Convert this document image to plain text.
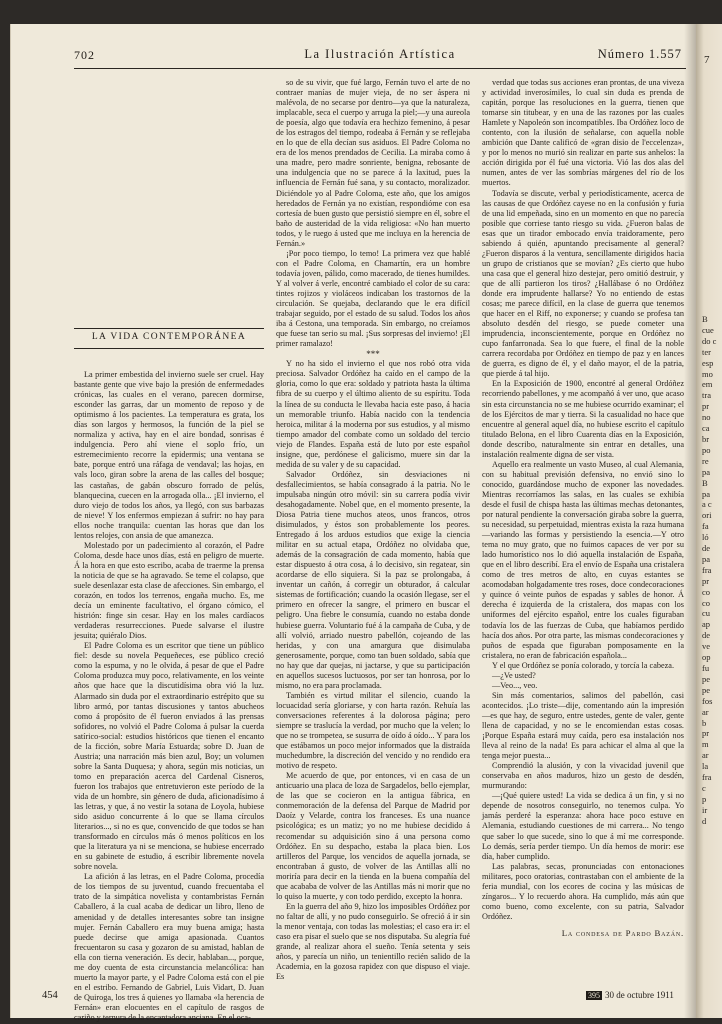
702	La Ilustración Artística	Número 1.557
LA VIDA CONTEMPORÁNEA

La primer embestida del invierno suele ser cruel. Hay bastante gente que vive bajo la presión de enfermedades crónicas, las cuales en el verano, parecen dormirse, esconder las garras, dar un momento de reposo y de optimismo á los pacientes. La temperatura es grata, los días son largos y hermosos, la función de la piel se normaliza y activa, hay en el aire bondad, sonrisas é indulgencia. Pero ahí viene el soplo frío, un estremecimiento recorre la epidermis; una ventana se bate, porque entró una ráfaga de vendaval; las hojas, en vals loco, giran sobre la arena de las calles del bosque; las castañas, de gabán obscuro forrado de pelús, blanquecina, cuecen en la arrogada olla... ¡El invierno, el duro viejo de todos los años, ya llegó, con sus barbazas de nieve! Y los enfermos empiezan á sufrir: no hay para ellos noche tranquila: cuentan las horas que dan los lentos relojes, con ansia de que amanezca.

Molestado por un padecimiento al corazón, el Padre Coloma, desde hace unos días, está en peligro de muerte. Á la hora en que esto escribo, acaba de traerme la prensa la noticia de que se ha agravado. Se teme el colapso, que suele desenlazar esta clase de afecciones. Sin embargo, el corazón, en todos los terrenos, engaña mucho. Es, me decía un eminente facultativo, el órgano cómico, el histrión: finge sin cesar. Hay en los males cardíacos verdaderas resurrecciones. Puede salvarse el ilustre jesuita; quiéralo Dios.

El Padre Coloma es un escritor que tiene un público fiel: desde su novela Pequeñeces, ese público creció como la espuma, y no le olvida, á pesar de que el Padre Coloma produzca muy poco, relativamente, en los veinte años que hace que la discutidísima obra vió la luz. Alarmado sin duda por el extraordinario estrépito que su libro armó, por tantas discusiones y tantos abucheos como á propósito de él fueron enviados á las prensas sofidores, no volvió el Padre Coloma á pulsar la cuerda satírico-social: estudios históricos que tienen el encanto de la ficción, sobre María Estuarda; sobre D. Juan de Austria; una narración más bien azul, Boy; un volumen sobre la Santa Duquesa; y ahora, según mis noticias, un tomo en preparación acerca del Cardenal Cisneros, fueron los trabajos que entretuvieron este período de la vida de un hombre, sin género de duda, aficionadísimo á las letras, y que, á no vestir la sotana de Loyola, hubiese sido asiduo concurrente á lo que se llama círculos literarios..., si no es que, convencido de que todos se han transformado en círculos más ó menos políticos en los que la literatura ya ni se menciona, se hubiese encerrado en su gabinete de estudio, á escribir libremente novela sobre novela.

La afición á las letras, en el Padre Coloma, procedía de los tiempos de su juventud, cuando frecuentaba el trato de la simpática novelista y contambristas Fernán Caballero, á la cual acaba de dedicar un libro, lleno de amenidad y de detalles interesantes sobre tan insigne mujer. Fernán Caballero era muy buena amiga; hasta puede decirse que amiga apasionada. Cuantos frecuentaron su casa y gozaron de su amistad, hablan de ella con tierna veneración. Es decir, hablaban..., porque, me doy cuenta de esta circunstancia melancólica: han muerto la mayor parte, y el Padre Coloma está con el pie en el estribo. Fernando de Gabriel, Luis Vidart, D. Juan de Quiroga, los tres á quienes yo llamaba «la herencia de Fernán» eran elocuentes en el capítulo de rasgos de cariño y ternura de la encantadora anciana. En el oca-

so de su vivir, que fué largo, Fernán tuvo el arte de no contraer manías de mujer vieja, de no ser áspera ni malévola, de no secarse por dentro—ya que la naturaleza, implacable, seca el cuerpo y arruga la piel;—y una aureola de poesía, algo que todavía era hechizo femenino, á pesar de los estragos del tiempo, rodeaba á Fernán y se reflejaba en lo que de ella decían sus asiduos. El Padre Coloma no era de los menos prendados de Cecilia. La miraba como á una madre, pero madre sonriente, benigna, rebosante de una indulgencia que no se parece á la laxitud, pues la influencia de Fernán fué sana, y su contacto, moralizador. Diciéndole yo al Padre Coloma, este año, que los amigos heredados de Fernán ya no existían, respondióme con esa cortesía de buen gusto que persistió siempre en él, sobre el baño de austeridad de la vida religiosa: «No han muerto todos, y le ruego á usted que me incluya en la herencia de Fernán.»

¡Por poco tiempo, lo temo! La primera vez que hablé con el Padre Coloma, en Chamartín, era un hombre todavía joven, pálido, como macerado, de tienes humildes. Y al volver á verle, encontré cambiado el color de su cara: tintes rojizos y violáceos indicaban los trastornos de la circulación. Se quejaba, declarando que le era difícil trabajar seguido, por el estado de su salud. Todos los años iba á Cestona, una temporada. Sin embargo, no creíamos que fuese tan serio su mal. ¡Sus sorpresas del invierno! ¡El primer ramalazo!

***

Y no ha sido el invierno el que nos robó otra vida preciosa. Salvador Ordóñez ha caído en el campo de la gloria, como lo que era: soldado y patriota hasta la última fibra de su cuerpo y el último aliento de su espíritu. Toda la línea de su conducta le llevaba hacia este paso, á hacia un memorable triunfo. Había nacido con la tendencia heroica, militar á la moderna por sus estudios, y al mismo tiempo amador del combate como un soldado del tercio viejo de Flandes. España está de luto por este español insigne, que, perdónese el galicismo, muere sin dar la medida de su valer y de su capacidad.

Salvador Ordóñez, sin desviaciones ni desfallecimientos, se había consagrado á la patria. No le impulsaba ningún otro móvil: sin su carrera podía vivir desahogadamente. Nobel que, en el momento presente, la Diosa Patria tiene muchos ateos, unos francos, otros disimulados, y éstos son probablemente los peores. Entregado á los arduos estudios que exige la ciencia militar en su actual etapa, Ordóñez no olvidaba que, además de la consagración de cada momento, había que estar dispuesto á otra cosa, á lo decisivo, sin regatear, sin acordarse de ello siquiera. Si la paz se prolongaba, á inventar un cañón, á corregir un obturador, á calcular sistemas de fortificación; cuando la ocasión llegase, ser el primero en ofrecer la sangre, el primero en buscar el peligro. Una fiebre le consumía, cuando no estaba donde hubiese guerra. Voluntario fué á la campaña de Cuba, y de allí volvió, arriado nuestro pabellón, cojeando de las heridas, y con una amargura que disimulaba generosamente, porque, como tan buen soldado, sabía que no hay que dar quejas, ni jactarse, y que su participación en aquellos sucesos luctuosos, por ser tan honrosa, por lo mismo, no era para proclamada.

También es virtud militar el silencio, cuando la locuacidad sería gloriarse, y con harta razón. Rehuía las conversaciones referentes á la dolorosa página; pero siempre se traslucía la verdad, por mucho que la velen; lo que no se trompetea, se susurra de oído á oído... Y para los que estábamos un poco mejor informados que la distraída muchedumbre, la discreción del vencido y no rendido era motivo de respeto.

Me acuerdo de que, por entonces, vi en casa de un anticuario una placa de loza de Sargadelos, bello ejemplar, de las que se cocieron en la antigua fábrica, en conmemoración de la defensa del Parque de Madrid por Daoíz y Velarde, contra los franceses. Es una nuance psicológica; es un matiz; yo no me hubiese decidido á recomendar su adquisición sino á una persona como Ordóñez. En su despacho, estaba la placa bien. Los artilleros del Parque, los vencidos de aquella jornada, se encontraban á gusto, de volver de las Antillas allí no moriría para decir en la tienda en la buena compañía del que acababa de volver de las Antillas más ni morir que no lo quiso la muerte, y con todo perdido, excepto la honra.

En la guerra del año 9, hizo los imposibles Ordóñez por no faltar de allí, y no pudo conseguirlo. Se ofreció á ir sin la menor ventaja, con todas las molestias; el caso era ir: el caso era pisar el suelo que se nos disputaba. Su alegría fué grande, al realizar ahora el sueño. Tenía setenta y seis años, y parecía un niño, un tenientillo recién salido de la Academia, en la gozosa rapidez con que dispuso el viaje. Es

verdad que todas sus acciones eran prontas, de una viveza y actividad inverosímiles, lo cual sin duda es prenda de capitán, porque las resoluciones en la guerra, tienen que tomarse sin titubear, y en una de las razones por las cuales Hamlete y Napoleón son incompatibles. Iba Ordóñez loco de contento, con la ilusión de señalarse, con aquella noble ambición que Dante calificó de «gran disio de l'eccelenza», y por lo menos no murió sin realizar en parte sus anhelos: la acción dirigida por él fué una victoria. Vió las dos alas del numen, antes de ver las sombrías márgenes del río de los muertos.

Todavía se discute, verbal y periodísticamente, acerca de las causas de que Ordóñez cayese no en la confusión y furia de una lid empeñada, sino en un momento en que no parecía posible que corriese tanto riesgo su vida. ¿Fueron balas de esas que un tirador embocado envía traidoramente, pero sabiendo á quién, apuntando precisamente al general? ¿Fueron disparos á la ventura, sencillamente dirigidos hacia un grupo de cristianos que se movían? ¿Es cierto que hubo una casa que el general hizo destejar, pero omitió destruir, y que de allí partieron los tiros? ¿Hallábase ó no Ordóñez donde era imprudente hallarse? Yo no entiendo de estas cosas; me parece difícil, en la clase de guerra que tenemos que hacer en el Riff, no exponerse; y cuando se profesa tan absoluto desdén del riesgo, se puede cometer una imprudencia, inconscientemente, porque en Ordóñez no cupo fanfarronada. Sea lo que fuere, el final de la noble carrera recordaba por Ordóñez en tiempo de paz y en lances de guerra, es digno de él, y el daño mayor, el de la patria, que pierde á tal hijo.

En la Exposición de 1900, encontré al general Ordóñez recorriendo pabellones, y me acompañó á ver uno, que acaso sin esta circunstancia no se me hubiese ocurrido examinar; el de los Ejércitos de mar y tierra. Si la casualidad no hace que encuentre al general aquel día, no hubiese escrito el capítulo titulado Belona, en el libro Cuarenta días en la Exposición, donde describo, naturalmente sin entrar en detalles, una instalación realmente digna de ser vista.

Aquello era realmente un vasto Museo, al cual Alemania, con su habitual previsión defensiva, no envió sino lo conocido, guardándose mucho de exponer las novedades. Mientras recorríamos las salas, en las cuales se exhibía desde el fusil de chispa hasta las últimas mechas detonantes, por natural pendiente la conversación giraba sobre la guerra, su necesidad, su perpetuidad, mientras exista la raza humana —variando las formas y persistiendo la esencia.—Y otro tema no muy grato, que no fuimos capaces de ver por su lado humorístico nos lo dió aquella instalación de España, que en el libro describí. Era el envío de España una cristalera como de tres metros de alto, en cuyas estantes se acomodaban holgadamente tres roses, doce condecoraciones y quince ó veinte puños de espadas y sables de honor. Á derecha é izquierda de la cristalera, dos mapas con los uniformes del ejército español, entre los cuales figuraban todavía los de las fuerzas de Cuba, que habíamos perdido hacía dos años. Por otra parte, las mismas condecoraciones y puños de espada que figuraban pomposamente en la cristalera, no eran de fabricación española...

Y el que Ordóñez se ponía colorado, y torcía la cabeza.

—¿Ve usted?

—Veo..., veo.

Sin más comentarios, salimos del pabellón, casi acontecidos. ¡Lo triste—dije, comentando aún la impresión—es que hay, de seguro, entre ustedes, gente de valer, gente llena de capacidad, y no se le encomiendan estas cosas. ¡Porque España estará muy caída, pero esa instalación nos lleva al reino de la nada! Es para achicar el alma al que la tenga mejor puesta...

Comprendió la alusión, y con la vivacidad juvenil que conservaba en años maduros, hizo un gesto de desdén, murmurando:

—¡Qué quiere usted! La vida se dedica á un fin, y si no depende de nosotros conseguirlo, no tenemos culpa. Yo jamás perderé la esperanza: ahora hace poco estuve en Alemania, estudiando cuestiones de mi carrera... No tengo que saber lo que sucede, sino lo que á mí me corresponde. Lo demás, sería perder tiempo. Un día hemos de morir: ese día, haber cumplido.

Las palabras, secas, pronunciadas con entonaciones militares, poco oratorias, contrastaban con el ambiente de la feria mundial, con los ecores de cocina y las músicas de zíngaros... Y lo recuerdo ahora. Ha cumplido, más aún que como bueno, como excelente, con su patria, Salvador Ordóñez.

La condesa de Pardo Bazán.

454	395 30 de octubre 1911
7
B
cue
do c
ter
esp
mo
em
tra
pr
no
ca
br
po
re
pa
B
pa
a c
ori
fa
ló
de
pa
fra
pr
co
co
cu
ap
de
ve
op
fu
pe
pe
fos
ar
b
pr
m
ar
la
fra
c
p
ir
d
